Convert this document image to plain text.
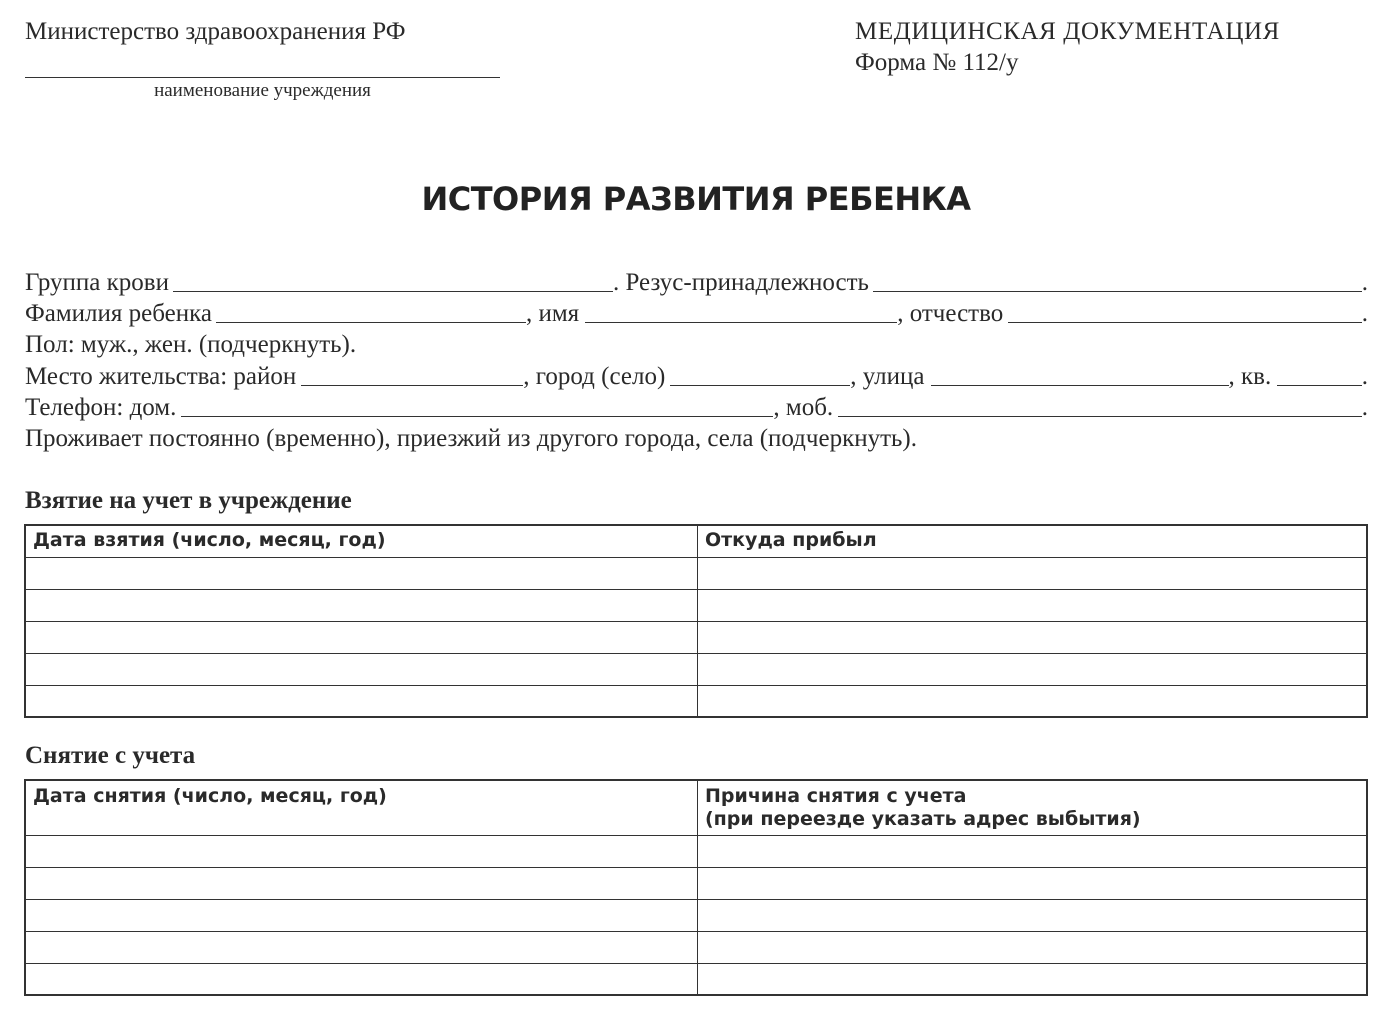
Министерство здравоохранения РФ
наименование учреждения
МЕДИЦИНСКАЯ ДОКУМЕНТАЦИЯ
Форма № 112/у
ИСТОРИЯ РАЗВИТИЯ РЕБЕНКА
Группа крови	. Резус-принадлежность	.
Фамилия ребенка	, имя	, отчество	.
Пол: муж., жен. (подчеркнуть).
Место жительства: район	, город (село)	, улица	, кв.	.
Телефон: дом.	, моб.	.
Проживает постоянно (временно), приезжий из другого города, села (подчеркнуть).
Взятие на учет в учреждение
Дата взятия (число, месяц, год)	Откуда прибыл

Снятие с учета
Дата снятия (число, месяц, год)	Причина снятия с учета
(при переезде указать адрес выбытия)
